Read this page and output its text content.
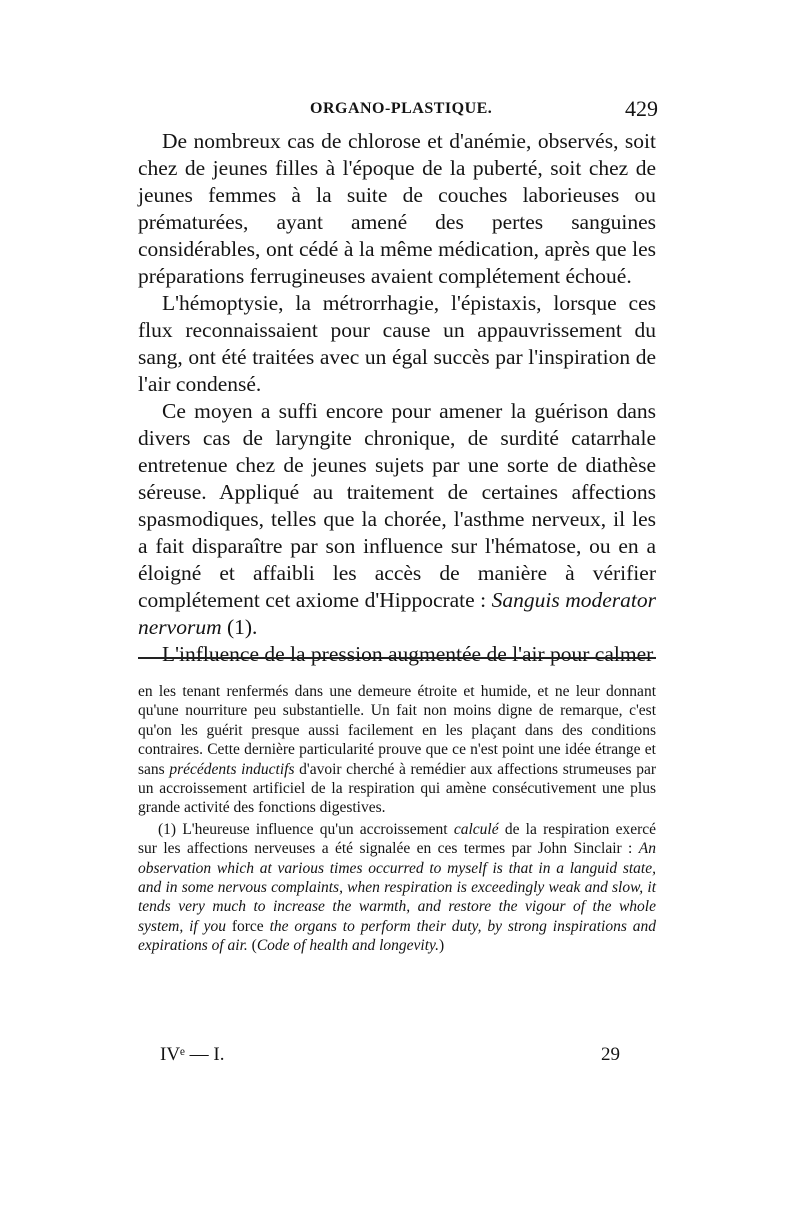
ORGANO-PLASTIQUE.	429

De nombreux cas de chlorose et d'anémie, observés, soit chez de jeunes filles à l'époque de la puberté, soit chez de jeunes femmes à la suite de couches laborieuses ou prématurées, ayant amené des pertes sanguines considérables, ont cédé à la même médication, après que les préparations ferrugineuses avaient complétement échoué.

L'hémoptysie, la métrorrhagie, l'épistaxis, lorsque ces flux reconnaissaient pour cause un appauvrissement du sang, ont été traitées avec un égal succès par l'inspiration de l'air condensé.

Ce moyen a suffi encore pour amener la guérison dans divers cas de laryngite chronique, de surdité catarrhale entretenue chez de jeunes sujets par une sorte de diathèse séreuse. Appliqué au traitement de certaines affections spasmodiques, telles que la chorée, l'asthme nerveux, il les a fait disparaître par son influence sur l'hématose, ou en a éloigné et affaibli les accès de manière à vérifier complétement cet axiome d'Hippocrate : Sanguis moderator nervorum (1).

L'influence de la pression augmentée de l'air pour calmer

en les tenant renfermés dans une demeure étroite et humide, et ne leur donnant qu'une nourriture peu substantielle. Un fait non moins digne de remarque, c'est qu'on les guérit presque aussi facilement en les plaçant dans des conditions contraires. Cette dernière particularité prouve que ce n'est point une idée étrange et sans précédents inductifs d'avoir cherché à remédier aux affections strumeuses par un accroissement artificiel de la respiration qui amène consécutivement une plus grande activité des fonctions digestives.

(1) L'heureuse influence qu'un accroissement calculé de la respiration exercé sur les affections nerveuses a été signalée en ces termes par John Sinclair : An observation which at various times occurred to myself is that in a languid state, and in some nervous complaints, when respiration is exceedingly weak and slow, it tends very much to increase the warmth, and restore the vigour of the whole system, if you force the organs to perform their duty, by strong inspirations and expirations of air. (Code of health and longevity.)

IVᵉ — I.	29
